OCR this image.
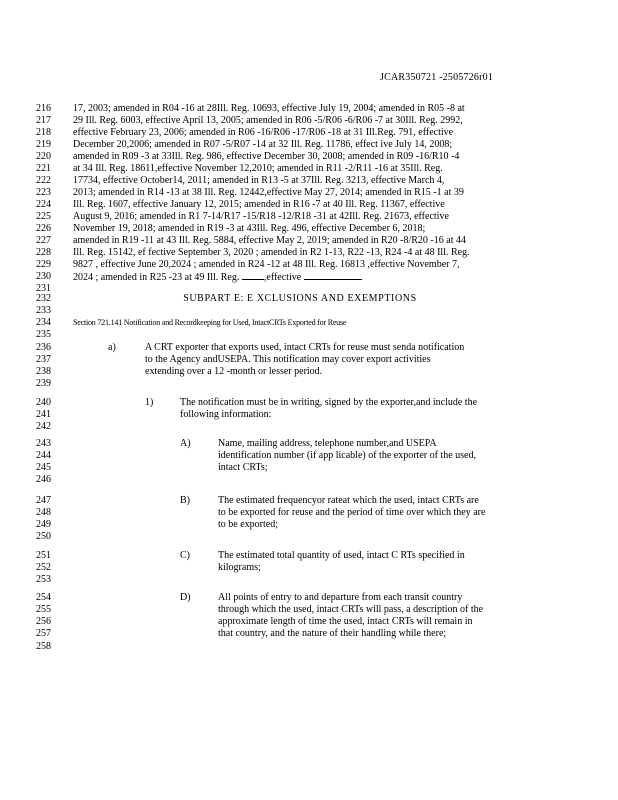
JCAR350721 -2505726r01
216	17, 2003; amended in R04 -16 at 28Ill. Reg. 10693, effective July 19, 2004; amended in R05 -8 at
217	29 Ill. Reg. 6003, effective April 13, 2005; amended in R06 -5/R06 -6/R06 -7 at 30Ill. Reg. 2992,
218	effective February 23, 2006; amended in R06 -16/R06 -17/R06 -18 at 31 Ill.Reg. 791, effective
219	December 20,2006; amended in R07 -5/R07 -14 at 32 Ill. Reg. 11786, effect ive July 14, 2008;
220	amended in R09 -3 at 33Ill. Reg. 986, effective December 30, 2008; amended in R09 -16/R10 -4
221	at 34 Ill. Reg. 18611,effective November 12,2010; amended in R11 -2/R11 -16 at 35Ill. Reg.
222	17734, effective October14, 2011; amended in R13 -5 at 37Ill. Reg. 3213, effective March 4,
223	2013; amended in R14 -13 at 38 Ill. Reg. 12442,effective May 27, 2014; amended in R15 -1 at 39
224	Ill. Reg. 1607, effective January 12, 2015; amended in R16 -7 at 40 Ill. Reg. 11367, effective
225	August 9, 2016; amended in R1 7-14/R17 -15/R18 -12/R18 -31 at 42Ill. Reg. 21673, effective
226	November 19, 2018; amended in R19 -3 at 43Ill. Reg. 496, effective December 6, 2018;
227	amended in R19 -11 at 43 Ill. Reg. 5884, effective May 2, 2019; amended in R20 -8/R20 -16 at 44
228	Ill. Reg. 15142, ef fective September 3, 2020 ; amended in R2 1-13, R22 -13, R24 -4 at 48 Ill. Reg.
229	9827 , effective June 20,2024 ; amended in R24 -12 at 48 Ill. Reg. 16813 ,effective November 7,
230	2024 ; amended in R25 -23 at 49 Ill. Reg. ,effective
231
232	SUBPART E: E XCLUSIONS AND EXEMPTIONS
233
234	Section 721.141 Notification and Recordkeeping for Used, IntactCRTs Exported for Reuse
235
236	a)	A CRT exporter that exports used, intact CRTs for reuse must senda notification
237	to the Agency andUSEPA. This notification may cover export activities
238	extending over a 12 -month or lesser period.
239
240	1)	The notification must be in writing, signed by the exporter,and include the
241	following information:
242
243	A)	Name, mailing address, telephone number,and USEPA
244	identification number (if app licable) of the exporter of the used,
245	intact CRTs;
246
247	B)	The estimated frequencyor rateat which the used, intact CRTs are
248	to be exported for reuse and the period of time over which they are
249	to be exported;
250
251	C)	The estimated total quantity of used, intact C RTs specified in
252	kilograms;
253
254	D)	All points of entry to and departure from each transit country
255	through which the used, intact CRTs will pass, a description of the
256	approximate length of time the used, intact CRTs will remain in
257	that country, and the nature of their handling while there;
258
